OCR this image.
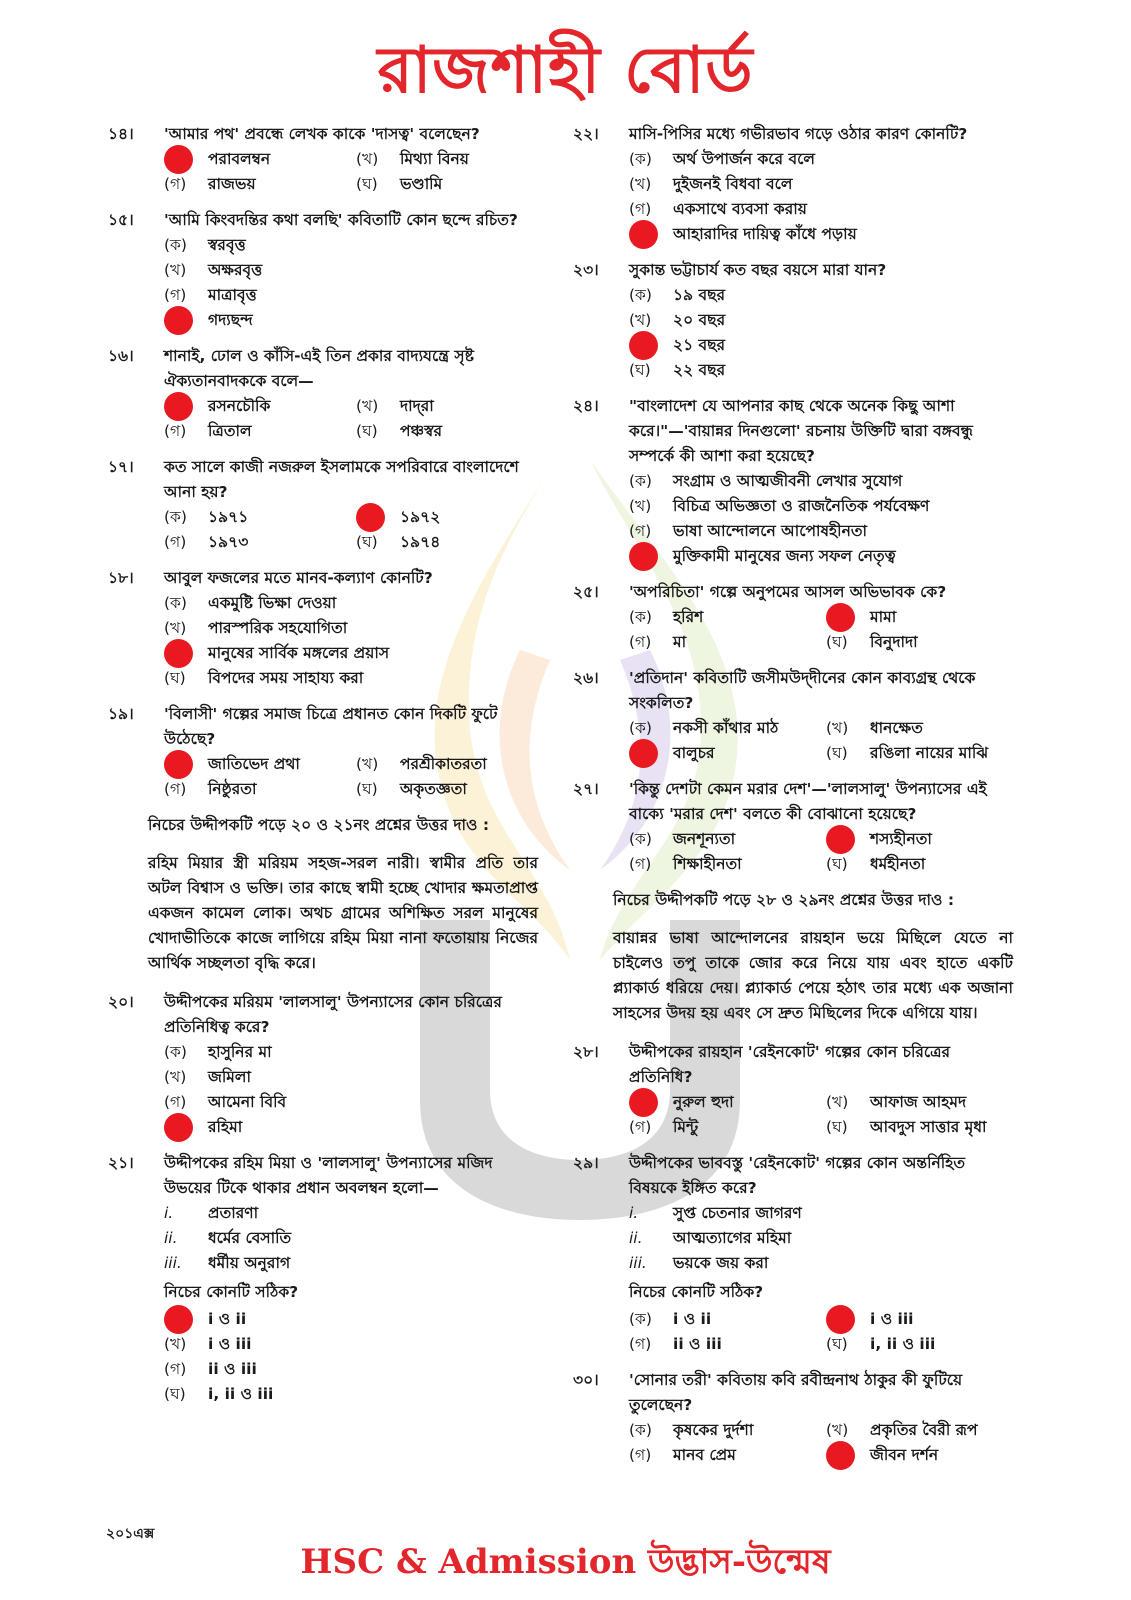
রাজশাহী বোর্ড
১৪।	'আমার পথ' প্রবন্ধে লেখক কাকে 'দাসত্ব' বলেছেন?
পরাবলম্বন	(খ)	মিথ্যা বিনয়
(গ)	রাজভয়	(ঘ)	ভণ্ডামি
১৫।	'আমি কিংবদন্তির কথা বলছি' কবিতাটি কোন ছন্দে রচিত?
(ক)	স্বরবৃত্ত
(খ)	অক্ষরবৃত্ত
(গ)	মাত্রাবৃত্ত
গদ্যছন্দ
১৬।	শানাই, ঢোল ও কাঁসি-এই তিন প্রকার বাদ্যযন্ত্রে সৃষ্ট ঐক্যতানবাদককে বলে—
রসনচৌকি	(খ)	দাদ্‌রা
(গ)	ত্রিতাল	(ঘ)	পঞ্চস্বর
১৭।	কত সালে কাজী নজরুল ইসলামকে সপরিবারে বাংলাদেশে আনা হয়?
(ক)	১৯৭১	১৯৭২
(গ)	১৯৭৩	(ঘ)	১৯৭৪
১৮।	আবুল ফজলের মতে মানব-কল্যাণ কোনটি?
(ক)	একমুষ্টি ভিক্ষা দেওয়া
(খ)	পারস্পরিক সহযোগিতা
মানুষের সার্বিক মঙ্গলের প্রয়াস
(ঘ)	বিপদের সময় সাহায্য করা
১৯।	'বিলাসী' গল্পের সমাজ চিত্রে প্রধানত কোন দিকটি ফুটে উঠেছে?
জাতিভেদ প্রথা	(খ)	পরশ্রীকাতরতা
(গ)	নিষ্ঠুরতা	(ঘ)	অকৃতজ্ঞতা
নিচের উদ্দীপকটি পড়ে ২০ ও ২১নং প্রশ্নের উত্তর দাও :
রহিম মিয়ার স্ত্রী মরিয়ম সহজ-সরল নারী। স্বামীর প্রতি তার অটল বিশ্বাস ও ভক্তি। তার কাছে স্বামী হচ্ছে খোদার ক্ষমতাপ্রাপ্ত একজন কামেল লোক। অথচ গ্রামের অশিক্ষিত সরল মানুষের খোদাভীতিকে কাজে লাগিয়ে রহিম মিয়া নানা ফতোয়ায় নিজের আর্থিক সচ্ছলতা বৃদ্ধি করে।
২০।	উদ্দীপকের মরিয়ম 'লালসালু' উপন্যাসের কোন চরিত্রের প্রতিনিধিত্ব করে?
(ক)	হাসুনির মা
(খ)	জমিলা
(গ)	আমেনা বিবি
রহিমা
২১।	উদ্দীপকের রহিম মিয়া ও 'লালসালু' উপন্যাসের মজিদ উভয়ের টিকে থাকার প্রধান অবলম্বন হলো—
i.	প্রতারণা
ii.	ধর্মের বেসাতি
iii.	ধর্মীয় অনুরাগ
নিচের কোনটি সঠিক?
i ও ii
(খ)	i ও iii
(গ)	ii ও iii
(ঘ)	i, ii ও iii
২২।	মাসি-পিসির মধ্যে গভীরভাব গড়ে ওঠার কারণ কোনটি?
(ক)	অর্থ উপার্জন করে বলে
(খ)	দুইজনই বিধবা বলে
(গ)	একসাথে ব্যবসা করায়
আহারাদির দায়িত্ব কাঁধে পড়ায়
২৩।	সুকান্ত ভট্টাচার্য কত বছর বয়সে মারা যান?
(ক)	১৯ বছর
(খ)	২০ বছর
২১ বছর
(ঘ)	২২ বছর
২৪।	"বাংলাদেশ যে আপনার কাছ থেকে অনেক কিছু আশা করে।"—'বায়ান্নর দিনগুলো' রচনায় উক্তিটি দ্বারা বঙ্গবন্ধু সম্পর্কে কী আশা করা হয়েছে?
(ক)	সংগ্রাম ও আত্মজীবনী লেখার সুযোগ
(খ)	বিচিত্র অভিজ্ঞতা ও রাজনৈতিক পর্যবেক্ষণ
(গ)	ভাষা আন্দোলনে আপোষহীনতা
মুক্তিকামী মানুষের জন্য সফল নেতৃত্ব
২৫।	'অপরিচিতা' গল্পে অনুপমের আসল অভিভাবক কে?
(ক)	হরিশ	মামা
(গ)	মা	(ঘ)	বিনুদাদা
২৬।	'প্রতিদান' কবিতাটি জসীমউদ্‌দীনের কোন কাব্যগ্রন্থ থেকে সংকলিত?
(ক)	নকসী কাঁথার মাঠ	(খ)	ধানক্ষেত
বালুচর	(ঘ)	রঙিলা নায়ের মাঝি
২৭।	'কিন্তু দেশটা কেমন মরার দেশ'—'লালসালু' উপন্যাসের এই বাক্যে 'মরার দেশ' বলতে কী বোঝানো হয়েছে?
(ক)	জনশূন্যতা	শস্যহীনতা
(গ)	শিক্ষাহীনতা	(ঘ)	ধর্মহীনতা
নিচের উদ্দীপকটি পড়ে ২৮ ও ২৯নং প্রশ্নের উত্তর দাও :
বায়ান্নর ভাষা আন্দোলনের রায়হান ভয়ে মিছিলে যেতে না চাইলেও তপু তাকে জোর করে নিয়ে যায় এবং হাতে একটি প্ল্যাকার্ড ধরিয়ে দেয়। প্ল্যাকার্ড পেয়ে হঠাৎ তার মধ্যে এক অজানা সাহসের উদয় হয় এবং সে দ্রুত মিছিলের দিকে এগিয়ে যায়।
২৮।	উদ্দীপকের রায়হান 'রেইনকোট' গল্পের কোন চরিত্রের প্রতিনিধি?
নুরুল হুদা	(খ)	আফাজ আহমদ
(গ)	মিন্টু	(ঘ)	আবদুস সাত্তার মৃধা
২৯।	উদ্দীপকের ভাববস্তু 'রেইনকোট' গল্পের কোন অন্তর্নিহিত বিষয়কে ইঙ্গিত করে?
i.	সুপ্ত চেতনার জাগরণ
ii.	আত্মত্যাগের মহিমা
iii.	ভয়কে জয় করা
নিচের কোনটি সঠিক?
(ক)	i ও ii	i ও iii
(গ)	ii ও iii	(ঘ)	i, ii ও iii
৩০।	'সোনার তরী' কবিতায় কবি রবীন্দ্রনাথ ঠাকুর কী ফুটিয়ে তুলেছেন?
(ক)	কৃষকের দুর্দশা	(খ)	প্রকৃতির বৈরী রূপ
(গ)	মানব প্রেম	জীবন দর্শন
২০১এক্স
HSC & Admission উদ্ভাস-উন্মেষ
